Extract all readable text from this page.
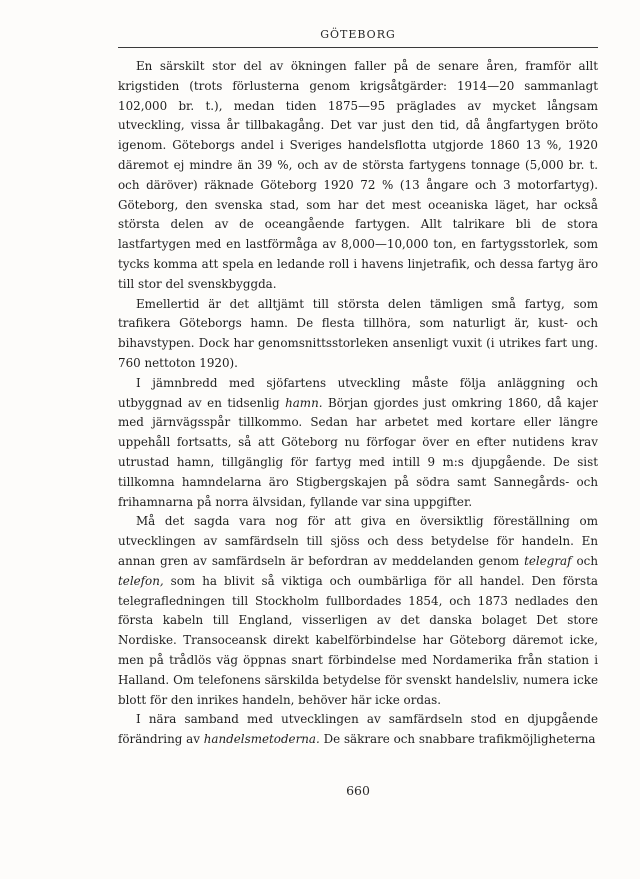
GÖTEBORG

En särskilt stor del av ökningen faller på de senare åren, framför allt krigstiden (trots förlusterna genom krigsåtgärder: 1914—20 sammanlagt 102,000 br. t.), medan tiden 1875—95 präglades av mycket långsam utveckling, vissa år tillbakagång. Det var just den tid, då ångfartygen bröto igenom. Göteborgs andel i Sveriges handelsflotta utgjorde 1860 13 %, 1920 däremot ej mindre än 39 %, och av de största fartygens tonnage (5,000 br. t. och däröver) räknade Göteborg 1920 72 % (13 ångare och 3 motorfartyg). Göteborg, den svenska stad, som har det mest oceaniska läget, har också största delen av de oceangående fartygen. Allt talrikare bli de stora lastfartygen med en lastförmåga av 8,000—10,000 ton, en fartygsstorlek, som tycks komma att spela en ledande roll i havens linjetrafik, och dessa fartyg äro till stor del svenskbyggda.

Emellertid är det alltjämt till största delen tämligen små fartyg, som trafikera Göteborgs hamn. De flesta tillhöra, som naturligt är, kust- och bihavstypen. Dock har genomsnittsstorleken ansenligt vuxit (i utrikes fart ung. 760 nettoton 1920).

I jämnbredd med sjöfartens utveckling måste följa anläggning och utbyggnad av en tidsenlig hamn. Början gjordes just omkring 1860, då kajer med järnvägsspår tillkommo. Sedan har arbetet med kortare eller längre uppehåll fortsatts, så att Göteborg nu förfogar över en efter nutidens krav utrustad hamn, tillgänglig för fartyg med intill 9 m:s djupgående. De sist tillkomna hamndelarna äro Stigbergskajen på södra samt Sannegårds- och frihamnarna på norra älvsidan, fyllande var sina uppgifter.

Må det sagda vara nog för att giva en översiktlig föreställning om utvecklingen av samfärdseln till sjöss och dess betydelse för handeln. En annan gren av samfärdseln är befordran av meddelanden genom telegraf och telefon, som ha blivit så viktiga och oumbärliga för all handel. Den första telegrafledningen till Stockholm fullbordades 1854, och 1873 nedlades den första kabeln till England, visserligen av det danska bolaget Det store Nordiske. Transoceansk direkt kabelförbindelse har Göteborg däremot icke, men på trådlös väg öppnas snart förbindelse med Nordamerika från station i Halland. Om telefonens särskilda betydelse för svenskt handelsliv, numera icke blott för den inrikes handeln, behöver här icke ordas.

I nära samband med utvecklingen av samfärdseln stod en djupgående förändring av handelsmetoderna. De säkrare och snabbare trafikmöjligheterna

660
